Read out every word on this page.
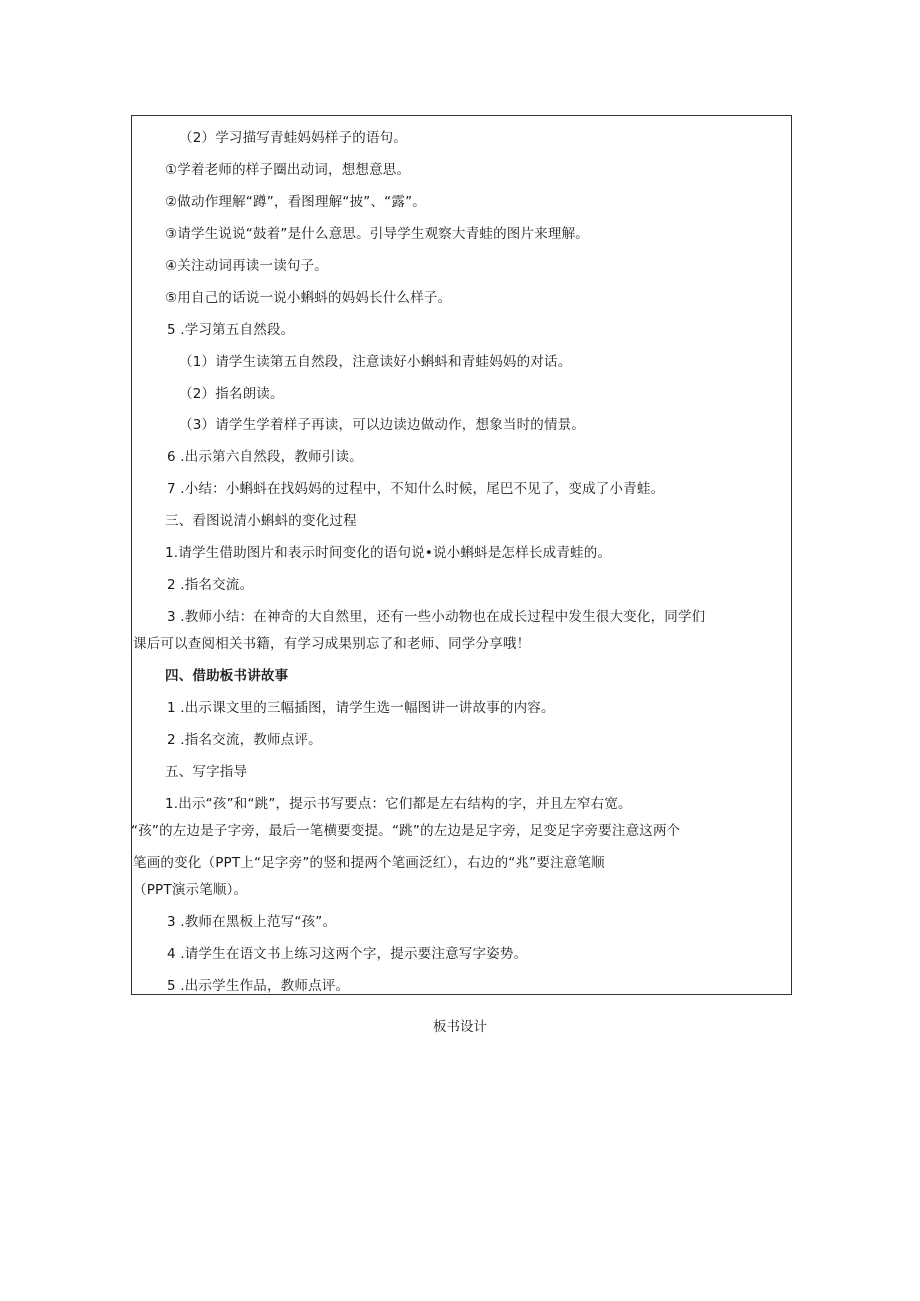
（2）学习描写青蛙妈妈样子的语句。
①学着老师的样子圈出动词，想想意思。
②做动作理解“蹲”，看图理解“披”、“露”。
③请学生说说“鼓着”是什么意思。引导学生观察大青蛙的图片来理解。
④关注动词再读一读句子。
⑤用自己的话说一说小蝌蚪的妈妈长什么样子。
5 .学习第五自然段。
（1）请学生读第五自然段，注意读好小蝌蚪和青蛙妈妈的对话。
（2）指名朗读。
（3）请学生学着样子再读，可以边读边做动作，想象当时的情景。
6 .出示第六自然段，教师引读。
7 .小结：小蝌蚪在找妈妈的过程中，不知什么时候，尾巴不见了，变成了小青蛙。
三、看图说清小蝌蚪的变化过程
1.请学生借助图片和表示时间变化的语句说•说小蝌蚪是怎样长成青蛙的。
2 .指名交流。
3 .教师小结：在神奇的大自然里，还有一些小动物也在成长过程中发生很大变化，同学们
课后可以查阅相关书籍，有学习成果别忘了和老师、同学分享哦！
四、借助板书讲故事
1 .出示课文里的三幅插图，请学生选一幅图讲一讲故事的内容。
2 .指名交流，教师点评。
五、写字指导
1.出示“孩”和“跳”，提示书写要点：它们都是左右结构的字，并且左窄右宽。
“孩”的左边是子字旁，最后一笔横要变提。“跳”的左边是足字旁，足变足字旁要注意这两个
笔画的变化（PPT上“足字旁”的竖和提两个笔画泛红），右边的“兆”要注意笔顺
（PPT演示笔顺）。
3 .教师在黑板上范写“孩”。
4 .请学生在语文书上练习这两个字，提示要注意写字姿势。
5 .出示学生作品，教师点评。
板书设计
